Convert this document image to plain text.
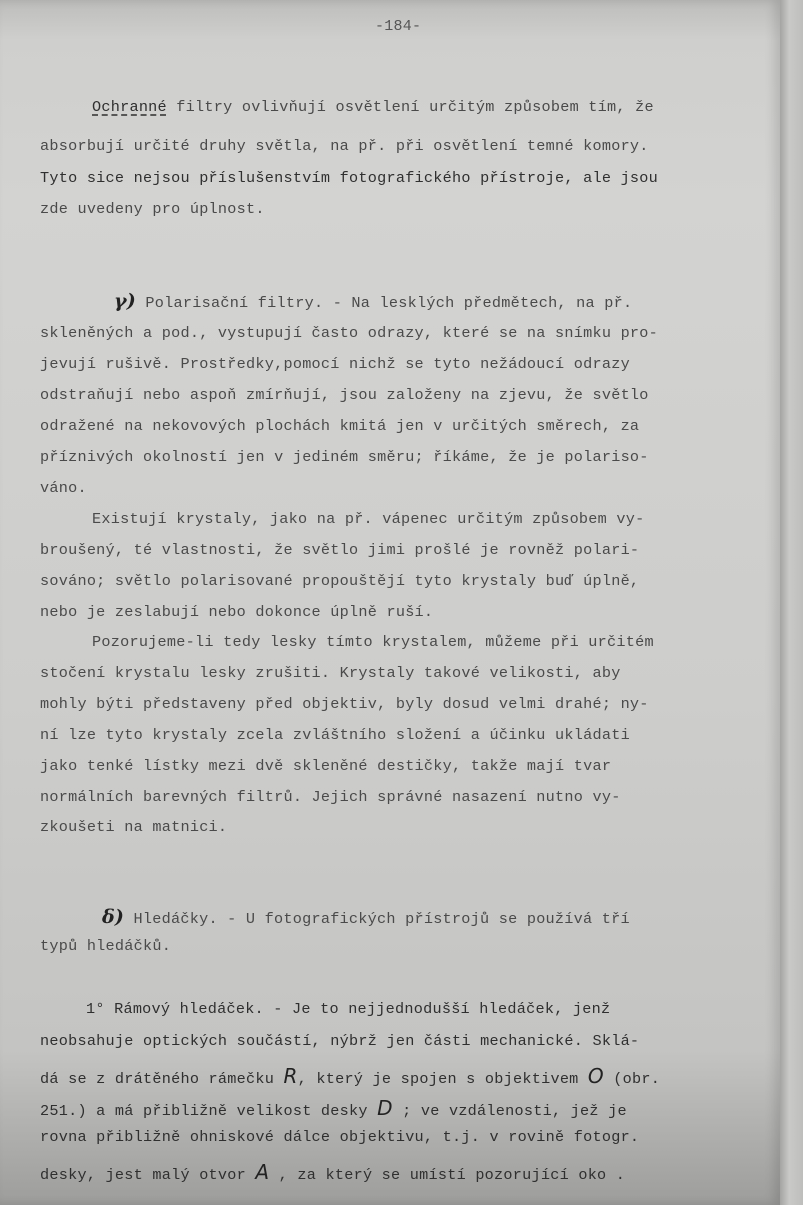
-184-
Ochranné filtry ovlivňují osvětlení určitým způsobem tím, že
absorbují určité druhy světla, na př. při osvětlení temné komory.
Tyto sice nejsou příslušenstvím fotografického přístroje, ale jsou
zde uvedeny pro úplnost.
γ) Polarisační filtry. - Na lesklých předmětech, na př.
skleněných a pod., vystupují často odrazy, které se na snímku pro-
jevují rušivě. Prostředky,pomocí nichž se tyto nežádoucí odrazy
odstraňují nebo aspoň zmírňují, jsou založeny na zjevu, že světlo
odražené na nekovových plochách kmitá jen v určitých směrech, za
příznivých okolností jen v jediném směru; říkáme, že je polariso-
váno.
Existují krystaly, jako na př. vápenec určitým způsobem vy-
broušený, té vlastnosti, že světlo jimi prošlé je rovněž polari-
sováno; světlo polarisované propouštějí tyto krystaly buď úplně,
nebo je zeslabují nebo dokonce úplně ruší.
Pozorujeme-li tedy lesky tímto krystalem, můžeme při určitém
stočení krystalu lesky zrušiti. Krystaly takové velikosti, aby
mohly býti představeny před objektiv, byly dosud velmi drahé; ny-
ní lze tyto krystaly zcela zvláštního složení a účinku ukládati
jako tenké lístky mezi dvě skleněné destičky, takže mají tvar
normálních barevných filtrů. Jejich správné nasazení nutno vy-
zkoušeti na matnici.
δ) Hledáčky. - U fotografických přístrojů se používá tří
typů hledáčků.
1° Rámový hledáček. - Je to nejjednodušší hledáček, jenž
neobsahuje optických součástí, nýbrž jen části mechanické. Sklá-
dá se z drátěného rámečku R, který je spojen s objektivem O (obr.
251.) a má přibližně velikost desky D ; ve vzdálenosti, jež je
rovna přibližně ohniskové dálce objektivu, t.j. v rovině fotogr.
desky, jest malý otvor A , za který se umístí pozorující oko .
